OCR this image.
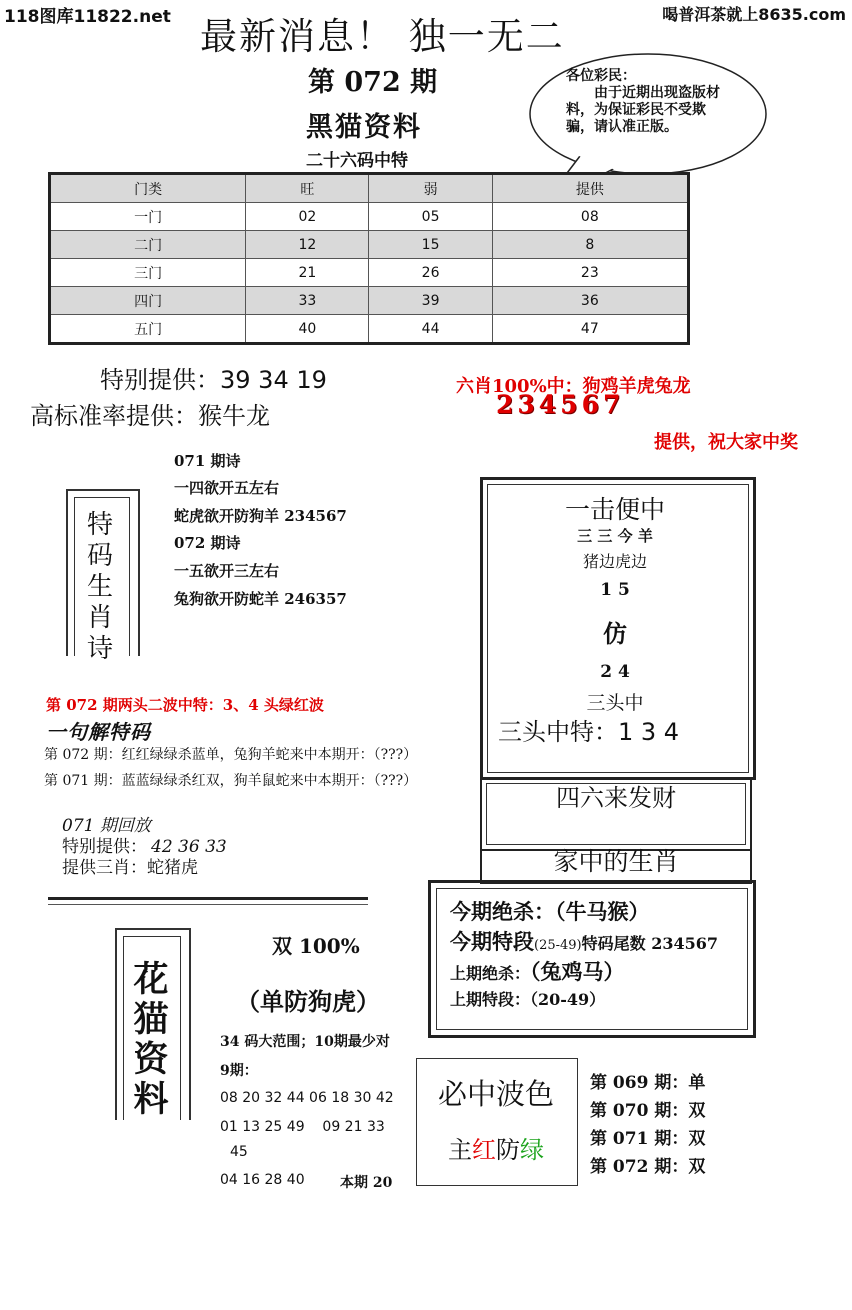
118图库11822.net	喝普洱茶就上8635.com
最新消息！ 独一无二
第 072 期
黑猫资料
二十六码中特
各位彩民：
由于近期出现盗版材料，为保证彩民不受欺骗，请认准正版。
门类	旺	弱	提供
一门	02	05	08
二门	12	15	8
三门	21	26	23
四门	33	39	36
五门	40	44	47
特别提供：39 34 19
高标准率提供：猴牛龙
六肖100%中：狗鸡羊虎兔龙
234567
提供，祝大家中奖
特
码
生
肖
诗
071 期诗
一四欲开五左右
蛇虎欲开防狗羊 234567
072 期诗
一五欲开三左右
兔狗欲开防蛇羊 246357
一击便中
三 三 今 羊
猪边虎边
1 5
仿
2 4
三头中
三头中特：1 3 4
四六来发财
家中的生肖
今期绝杀：（牛马猴）
今期特段(25-49)特码尾数 234567
上期绝杀：（兔鸡马）
上期特段：（20-49）
第 072 期两头二波中特：3、4 头绿红波
一句解特码
第 072 期：红红绿绿杀蓝单，兔狗羊蛇来中本期开：（???）
第 071 期：蓝蓝绿绿杀红双，狗羊鼠蛇来中本期开：（???）
071 期回放
特别提供： 42 36 33
提供三肖：蛇猪虎
花
猫
资
料
双 100%
（单防狗虎）
34 码大范围；10期最少对
9期：
08 20 32 44 06 18 30 42
01 13 25 49    09 21 33
45
04 16 28 40	本期 20
必中波色
主红防绿
第 069 期：单
第 070 期：双
第 071 期：双
第 072 期：双
